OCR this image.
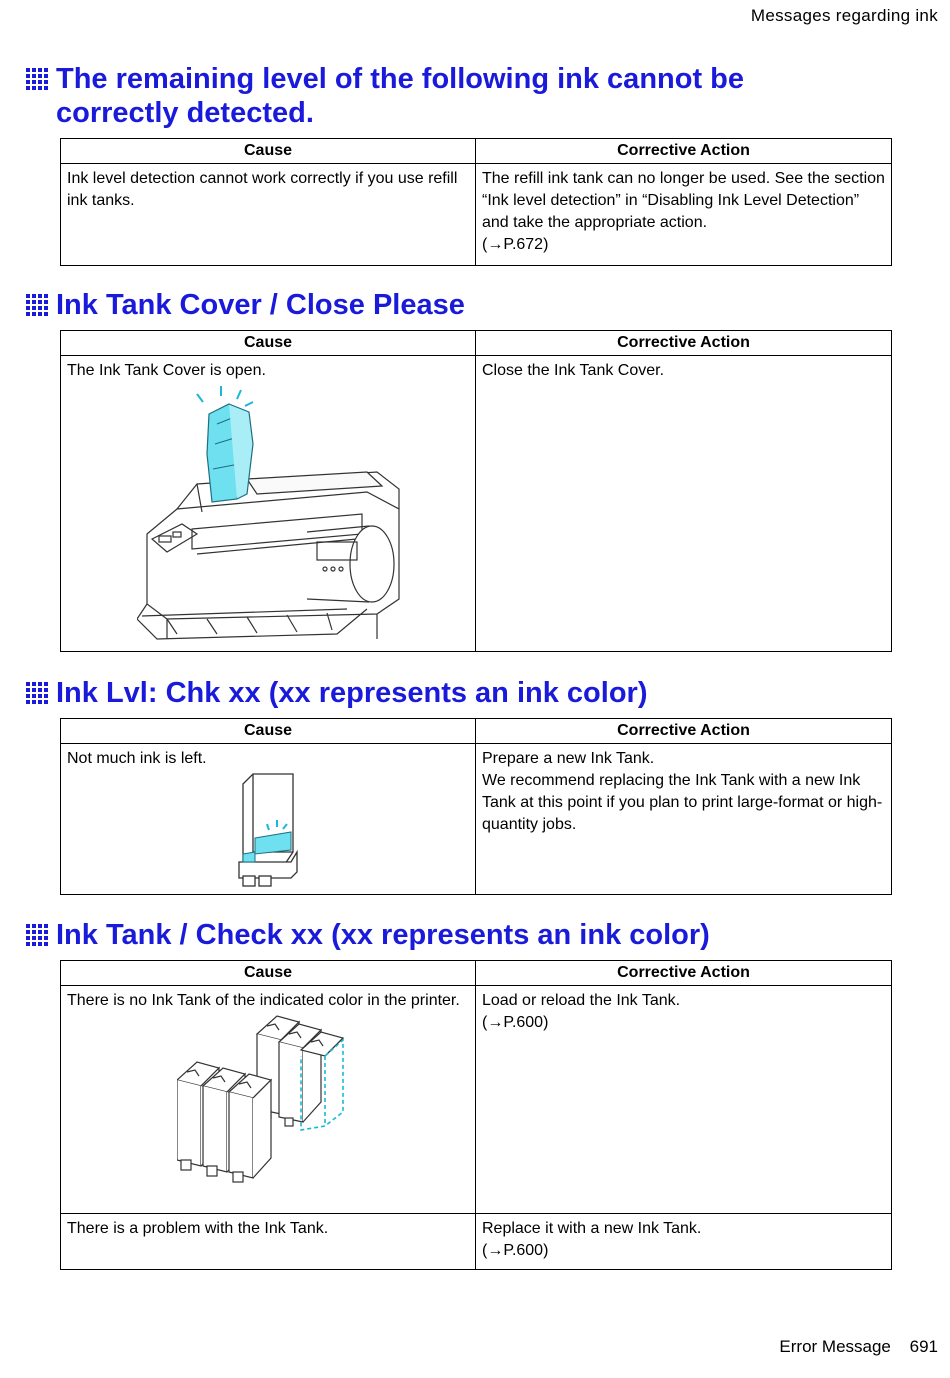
Messages regarding ink
The remaining level of the following ink cannot be correctly detected.
Cause	Corrective Action
Ink level detection cannot work correctly if you use refill ink tanks.	The refill ink tank can no longer be used. See the section “Ink level detection” in “Disabling Ink Level Detection” and take the appropriate action.
(→P.672)
Ink Tank Cover / Close Please
Cause	Corrective Action

The Ink Tank Cover is open.	Close the Ink Tank Cover.
Ink Lvl: Chk xx (xx represents an ink color)
Cause	Corrective Action

Not much ink is left.	Prepare a new Ink Tank.
We recommend replacing the Ink Tank with a new Ink Tank at this point if you plan to print large-format or high-quantity jobs.
Ink Tank / Check xx (xx represents an ink color)
Cause	Corrective Action

There is no Ink Tank of the indicated color in the printer.	Load or reload the Ink Tank.
(→P.600)

There is a problem with the Ink Tank.	Replace it with a new Ink Tank.
(→P.600)
Error Message 691
